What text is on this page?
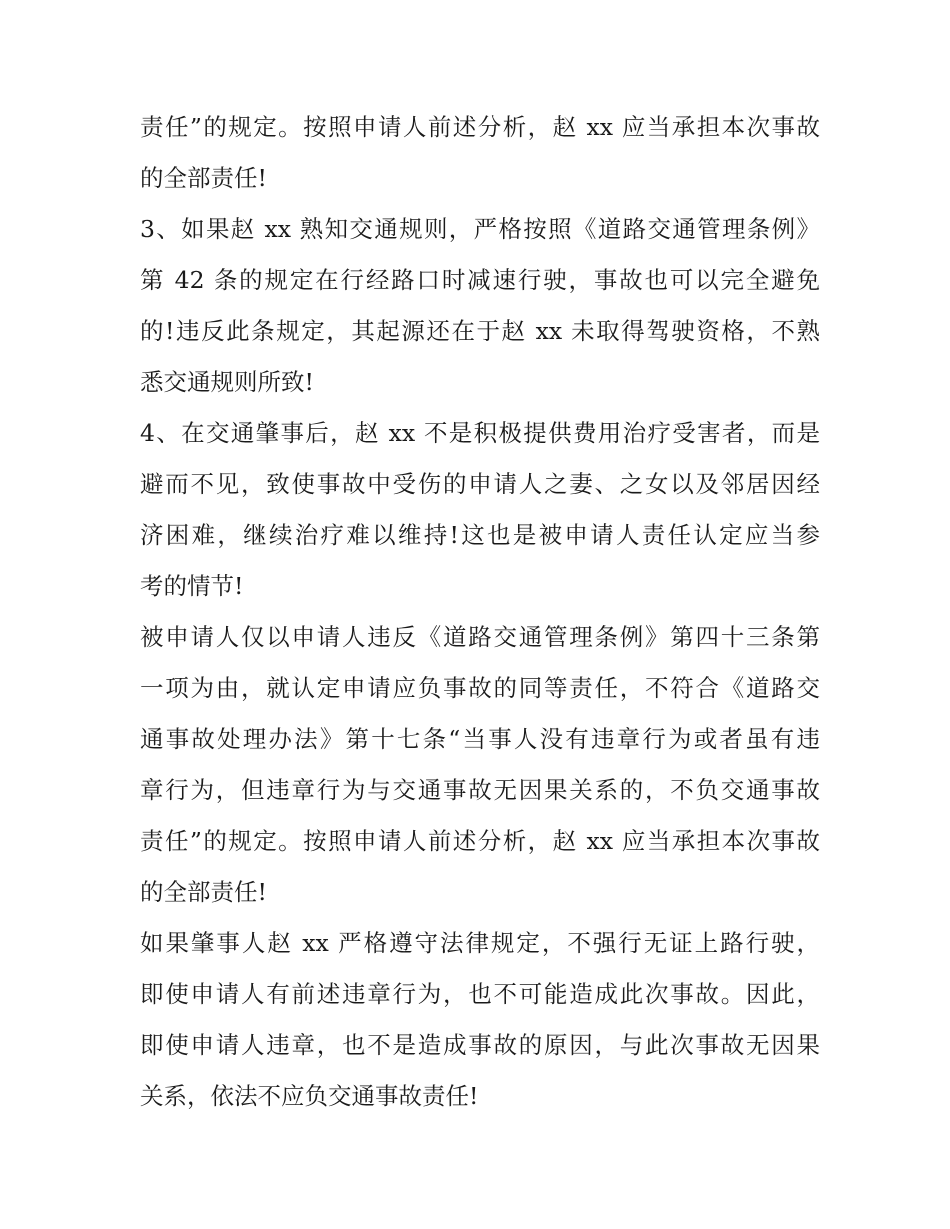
责任”的规定。按照申请人前述分析，赵 xx 应当承担本次事故
的全部责任!
3、如果赵 xx 熟知交通规则，严格按照《道路交通管理条例》
第 42 条的规定在行经路口时减速行驶，事故也可以完全避免
的!违反此条规定，其起源还在于赵 xx 未取得驾驶资格，不熟
悉交通规则所致!
4、在交通肇事后，赵 xx 不是积极提供费用治疗受害者，而是
避而不见，致使事故中受伤的申请人之妻、之女以及邻居因经
济困难，继续治疗难以维持!这也是被申请人责任认定应当参
考的情节!
被申请人仅以申请人违反《道路交通管理条例》第四十三条第
一项为由，就认定申请应负事故的同等责任，不符合《道路交
通事故处理办法》第十七条“当事人没有违章行为或者虽有违
章行为，但违章行为与交通事故无因果关系的，不负交通事故
责任”的规定。按照申请人前述分析，赵 xx 应当承担本次事故
的全部责任!
如果肇事人赵 xx 严格遵守法律规定，不强行无证上路行驶，
即使申请人有前述违章行为，也不可能造成此次事故。因此，
即使申请人违章，也不是造成事故的原因，与此次事故无因果
关系，依法不应负交通事故责任!
